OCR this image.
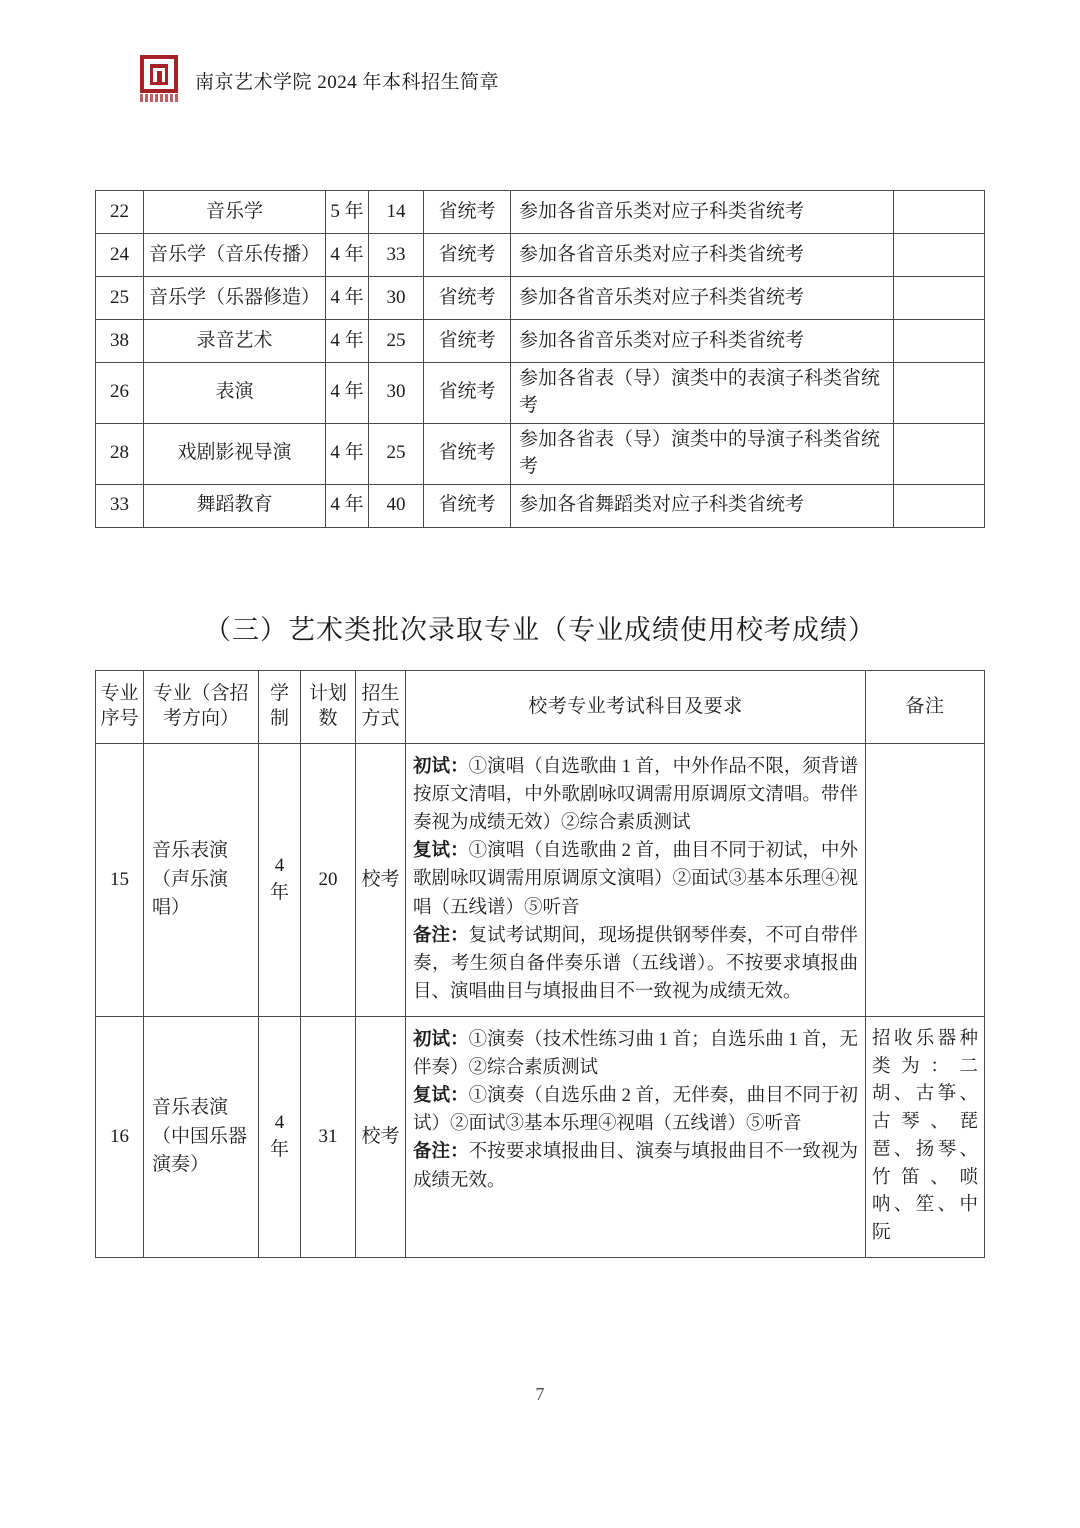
南京艺术学院 2024 年本科招生简章
22	音乐学	5 年	14	省统考	参加各省音乐类对应子科类省统考	
24	音乐学（音乐传播）	4 年	33	省统考	参加各省音乐类对应子科类省统考	
25	音乐学（乐器修造）	4 年	30	省统考	参加各省音乐类对应子科类省统考	
38	录音艺术	4 年	25	省统考	参加各省音乐类对应子科类省统考	
26	表演	4 年	30	省统考	参加各省表（导）演类中的表演子科类省统考	
28	戏剧影视导演	4 年	25	省统考	参加各省表（导）演类中的导演子科类省统考	
33	舞蹈教育	4 年	40	省统考	参加各省舞蹈类对应子科类省统考	
（三）艺术类批次录取专业（专业成绩使用校考成绩）
专业序号	专业（含招考方向）	学制	计划数	招生方式	校考专业考试科目及要求	备注
15	音乐表演（声乐演唱）	4 年	20	校考	初试：①演唱（自选歌曲 1 首，中外作品不限，须背谱按原文清唱，中外歌剧咏叹调需用原调原文清唱。带伴奏视为成绩无效）②综合素质测试

复试：①演唱（自选歌曲 2 首，曲目不同于初试，中外歌剧咏叹调需用原调原文演唱）②面试③基本乐理④视唱（五线谱）⑤听音

备注：复试考试期间，现场提供钢琴伴奏，不可自带伴奏，考生须自备伴奏乐谱（五线谱）。不按要求填报曲目、演唱曲目与填报曲目不一致视为成绩无效。	

16	音乐表演（中国乐器演奏）	4 年	31	校考	初试：①演奏（技术性练习曲 1 首；自选乐曲 1 首，无伴奏）②综合素质测试

复试：①演奏（自选乐曲 2 首，无伴奏，曲目不同于初试）②面试③基本乐理④视唱（五线谱）⑤听音

备注：不按要求填报曲目、演奏与填报曲目不一致视为成绩无效。	招收乐器种类为：二胡、古筝、古琴、琵琶、扬琴、竹笛、唢呐、笙、中阮
7
